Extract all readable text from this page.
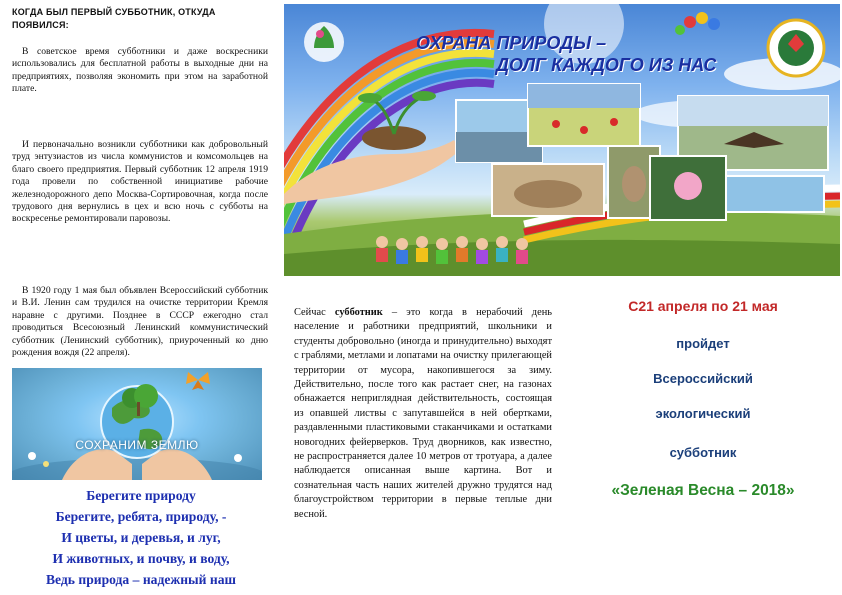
КОГДА БЫЛ ПЕРВЫЙ СУББОТНИК, ОТКУДА ПОЯВИЛСЯ:
В советское время субботники и даже воскресники использовались для бесплатной работы в выходные дни на предприятиях, позволяя экономить при этом на заработной плате.
И первоначально возникли субботники как добровольный труд энтузиастов из числа коммунистов и комсомольцев на благо своего предприятия. Первый субботник 12 апреля 1919 года провели по собственной инициативе рабочие железнодорожного депо Москва-Сортировочная, когда после трудового дня вернулись в цех и всю ночь с субботы на воскресенье ремонтировали паровозы.
В 1920 году 1 мая был объявлен Всероссийский субботник и В.И. Ленин сам трудился на очистке территории Кремля наравне с другими. Позднее в СССР ежегодно стал проводиться Всесоюзный Ленинский коммунистический субботник (Ленинский субботник), приуроченный ко дню рождения вождя (22 апреля).
СОХРАНИМ ЗЕМЛЮ
Берегите природу
Берегите, ребята, природу, -
И цветы, и деревья, и луг,
И животных, и почву, и воду,
Ведь природа – надежный наш
ОХРАНА ПРИРОДЫ –
ДОЛГ КАЖДОГО ИЗ НАС
Сейчас субботник – это когда в нерабочий день население и работники предприятий, школьники и студенты добровольно (иногда и принудительно) выходят с граблями, метлами и лопатами на очистку прилегающей территории от мусора, накопившегося за зиму. Действительно, после того как растает снег, на газонах обнажается неприглядная действительность, состоящая из опавшей листвы с запутавшейся в ней обертками, раздавленными пластиковыми стаканчиками и остатками новогодних фейерверков. Труд дворников, как известно, не распространяется далее 10 метров от тротуара, а далее наблюдается описанная выше картина. Вот и сознательная часть наших жителей дружно трудятся над благоустройством территории в первые теплые дни весной.
С21 апреля по 21 мая
пройдет
Всероссийский
экологический
субботник
«Зеленая Весна – 2018»
